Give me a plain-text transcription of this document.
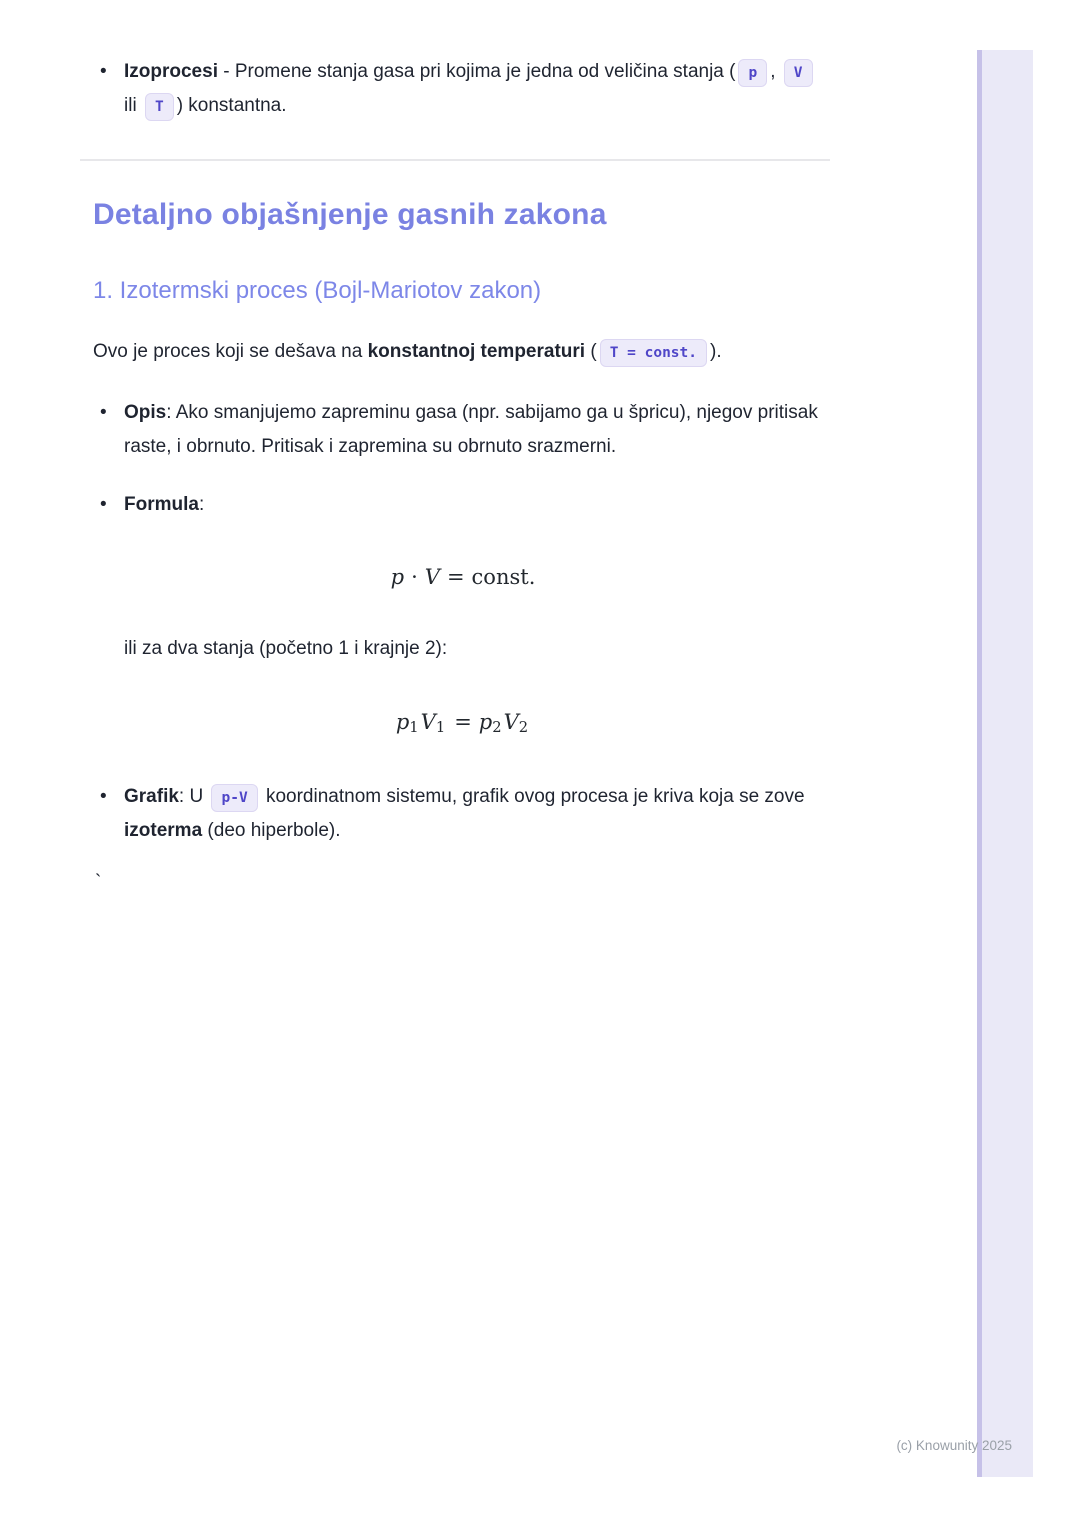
• Izoprocesi - Promene stanja gasa pri kojima je jedna od veličina stanja ( p , V ili T ) konstantna.
Detaljno objašnjenje gasnih zakona
1. Izotermski proces (Bojl-Mariotov zakon)

Ovo je proces koji se dešava na konstantnoj temperaturi ( T = const. ).

• Opis: Ako smanjujemo zapreminu gasa (npr. sabijamo ga u špricu), njegov pritisak raste, i obrnuto. Pritisak i zapremina su obrnuto srazmerni.
• Formula:
p · V = const.
ili za dva stanja (početno 1 i krajnje 2):
p1V1 = p2V2
• Grafik: U p-V koordinatnom sistemu, grafik ovog procesa je kriva koja se zove izoterma (deo hiperbole).
`
(c) Knowunity 2025
